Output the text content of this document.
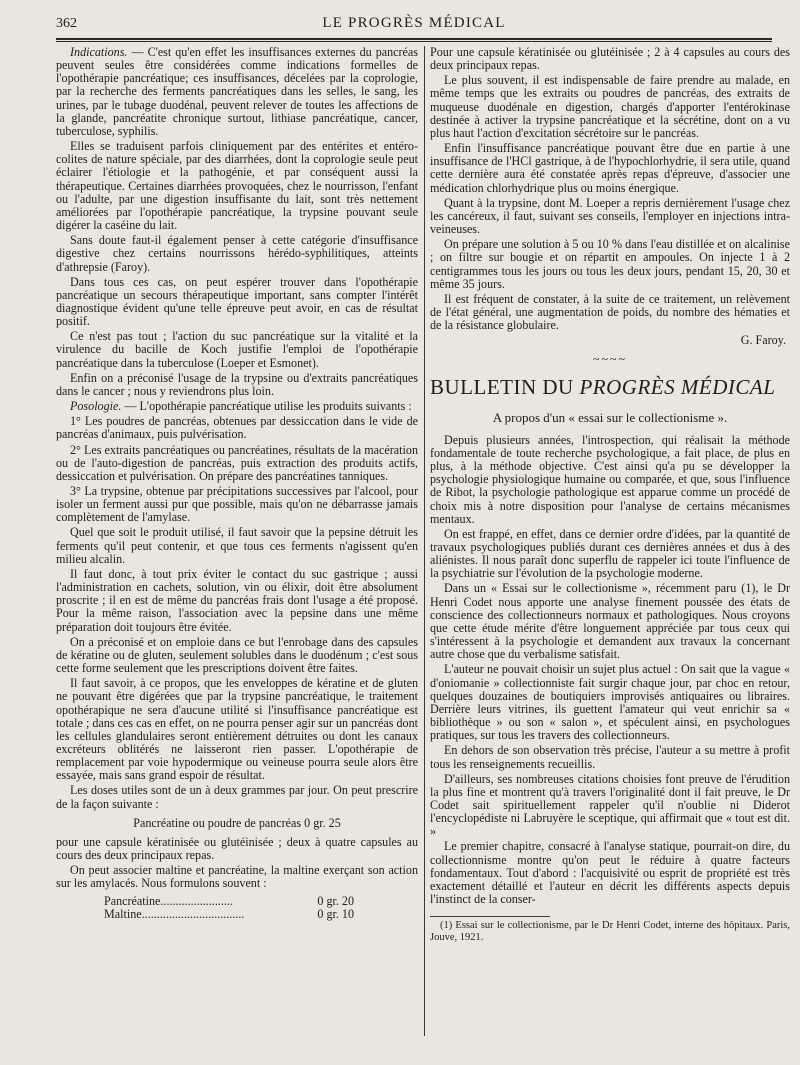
362	LE PROGRÈS MÉDICAL

Indications. — C'est qu'en effet les insuffisances externes du pancréas peuvent seules être considérées comme indications formelles de l'opothérapie pancréatique; ces insuffisances, décelées par la coprologie, par la recherche des ferments pancréatiques dans les selles, le sang, les urines, par le tubage duodénal, peuvent relever de toutes les affections de la glande, pancréatite chronique surtout, lithiase pancréatique, cancer, tuberculose, syphilis.

Elles se traduisent parfois cliniquement par des entérites et entéro-colites de nature spéciale, par des diarrhées, dont la coprologie seule peut éclairer l'étiologie et la pathogénie, et par conséquent aussi la thérapeutique. Certaines diarrhées provoquées, chez le nourrisson, l'enfant ou l'adulte, par une digestion insuffisante du lait, sont très nettement améliorées par l'opothérapie pancréatique, la trypsine pouvant seule digérer la caséine du lait.

Sans doute faut-il également penser à cette catégorie d'insuffisance digestive chez certains nourrissons hérédo-syphilitiques, atteints d'athrepsie (Faroy).

Dans tous ces cas, on peut espérer trouver dans l'opothérapie pancréatique un secours thérapeutique important, sans compter l'intérêt diagnostique évident qu'une telle épreuve peut avoir, en cas de résultat positif.

Ce n'est pas tout ; l'action du suc pancréatique sur la vitalité et la virulence du bacille de Koch justifie l'emploi de l'opothérapie pancréatique dans la tuberculose (Loeper et Esmonet).

Enfin on a préconisé l'usage de la trypsine ou d'extraits pancréatiques dans le cancer ; nous y reviendrons plus loin.

Posologie. — L'opothérapie pancréatique utilise les produits suivants :

1° Les poudres de pancréas, obtenues par dessiccation dans le vide de pancréas d'animaux, puis pulvérisation.

2° Les extraits pancréatiques ou pancréatines, résultats de la macération ou de l'auto-digestion de pancréas, puis extraction des produits actifs, dessiccation et pulvérisation. On prépare des pancréatines tanniques.

3° La trypsine, obtenue par précipitations successives par l'alcool, pour isoler un ferment aussi pur que possible, mais qu'on ne débarrasse jamais complètement de l'amylase.

Quel que soit le produit utilisé, il faut savoir que la pepsine détruit les ferments qu'il peut contenir, et que tous ces ferments n'agissent qu'en milieu alcalin.

Il faut donc, à tout prix éviter le contact du suc gastrique ; aussi l'administration en cachets, solution, vin ou élixir, doit être absolument proscrite ; il en est de même du pancréas frais dont l'usage a été proposé. Pour la même raison, l'association avec la pepsine dans une même préparation doit toujours être évitée.

On a préconisé et on emploie dans ce but l'enrobage dans des capsules de kératine ou de gluten, seulement solubles dans le duodénum ; c'est sous cette forme seulement que les prescriptions doivent être faites.

Il faut savoir, à ce propos, que les enveloppes de kératine et de gluten ne pouvant être digérées que par la trypsine pancréatique, le traitement opothérapique ne sera d'aucune utilité si l'insuffisance pancréatique est totale ; dans ces cas en effet, on ne pourra penser agir sur un pancréas dont les cellules glandulaires seront entièrement détruites ou dont les canaux excréteurs oblitérés ne laisseront rien passer. L'opothérapie de remplacement par voie hypodermique ou veineuse pourra seule alors être essayée, mais sans grand espoir de résultat.

Les doses utiles sont de un à deux grammes par jour. On peut prescrire de la façon suivante :

Pancréatine ou poudre de pancréas 0 gr. 25

pour une capsule kératinisée ou glutéinisée ; deux à quatre capsules au cours des deux principaux repas.

On peut associer maltine et pancréatine, la maltine exerçant son action sur les amylacés. Nous formulons souvent :

Pancréatine........................	0 gr. 20
Maltine..................................	0 gr. 10

Pour une capsule kératinisée ou glutéinisée ; 2 à 4 capsules au cours des deux principaux repas.

Le plus souvent, il est indispensable de faire prendre au malade, en même temps que les extraits ou poudres de pancréas, des extraits de muqueuse duodénale en digestion, chargés d'apporter l'entérokinase destinée à activer la trypsine pancréatique et la sécrétine, dont on a vu plus haut l'action d'excitation sécrétoire sur le pancréas.

Enfin l'insuffisance pancréatique pouvant être due en partie à une insuffisance de l'HCl gastrique, à de l'hypochlorhydrie, il sera utile, quand cette dernière aura été constatée après repas d'épreuve, d'associer une médication chlorhydrique plus ou moins énergique.

Quant à la trypsine, dont M. Loeper a repris dernièrement l'usage chez les cancéreux, il faut, suivant ses conseils, l'employer en injections intra-veineuses.

On prépare une solution à 5 ou 10 % dans l'eau distillée et on alcalinise ; on filtre sur bougie et on répartit en ampoules. On injecte 1 à 2 centigrammes tous les jours ou tous les deux jours, pendant 15, 20, 30 et même 35 jours.

Il est fréquent de constater, à la suite de ce traitement, un relèvement de l'état général, une augmentation de poids, du nombre des hématies et de la résistance globulaire.

G. Faroy.
~~~~
BULLETIN DU PROGRÈS MÉDICAL
A propos d'un « essai sur le collectionisme ».

Depuis plusieurs années, l'introspection, qui réalisait la méthode fondamentale de toute recherche psychologique, a fait place, de plus en plus, à la méthode objective. C'est ainsi qu'a pu se développer la psychologie physiologique humaine ou comparée, et que, sous l'influence de Ribot, la psychologie pathologique est apparue comme un procédé de choix mis à notre disposition pour l'analyse de certains mécanismes mentaux.

On est frappé, en effet, dans ce dernier ordre d'idées, par la quantité de travaux psychologiques publiés durant ces dernières années et dus à des aliénistes. Il nous paraît donc superflu de rappeler ici toute l'influence de la psychiatrie sur l'évolution de la psychologie moderne.

Dans un « Essai sur le collectionisme », récemment paru (1), le Dr Henri Codet nous apporte une analyse finement poussée des états de conscience des collectionneurs normaux et pathologiques. Nous croyons que cette étude mérite d'être longuement appréciée par tous ceux qui s'intéressent à la psychologie et demandent aux travaux la concernant autre chose que du verbalisme satisfait.

L'auteur ne pouvait choisir un sujet plus actuel : On sait que la vague « d'oniomanie » collectionniste fait surgir chaque jour, par choc en retour, quelques douzaines de boutiquiers improvisés antiquaires ou libraires. Derrière leurs vitrines, ils guettent l'amateur qui veut enrichir sa « bibliothèque » ou son « salon », et spéculent ainsi, en psychologues pratiques, sur tous les travers des collectionneurs.

En dehors de son observation très précise, l'auteur a su mettre à profit tous les renseignements recueillis.

D'ailleurs, ses nombreuses citations choisies font preuve de l'érudition la plus fine et montrent qu'à travers l'originalité dont il fait preuve, le Dr Codet sait spirituellement rappeler qu'il n'oublie ni Diderot l'encyclopédiste ni Labruyère le sceptique, qui affirmait que « tout est dit. »

Le premier chapitre, consacré à l'analyse statique, pourrait-on dire, du collectionnisme montre qu'on peut le réduire à quatre facteurs fondamentaux. Tout d'abord : l'acquisivité ou esprit de propriété est très exactement détaillé et l'auteur en décrit les différents aspects depuis l'instinct de la conser-

(1) Essai sur le collectionisme, par le Dr Henri Codet, interne des hôpitaux. Paris, Jouve, 1921.
